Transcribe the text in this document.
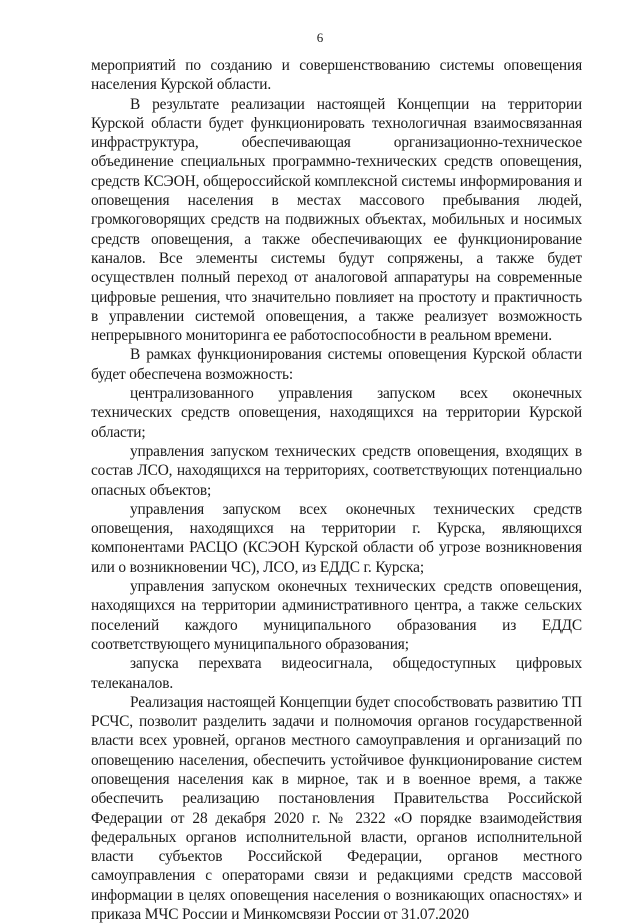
6

мероприятий по созданию и совершенствованию системы оповещения населения Курской области.

В результате реализации настоящей Концепции на территории Курской области будет функционировать технологичная взаимосвязанная инфраструктура, обеспечивающая организационно-техническое объединение специальных программно-технических средств оповещения, средств КСЭОН, общероссийской комплексной системы информирования и оповещения населения в местах массового пребывания людей, громкоговорящих средств на подвижных объектах, мобильных и носимых средств оповещения, а также обеспечивающих ее функционирование каналов. Все элементы системы будут сопряжены, а также будет осуществлен полный переход от аналоговой аппаратуры на современные цифровые решения, что значительно повлияет на простоту и практичность в управлении системой оповещения, а также реализует возможность непрерывного мониторинга ее работоспособности в реальном времени.

В рамках функционирования системы оповещения Курской области будет обеспечена возможность:

централизованного управления запуском всех оконечных технических средств оповещения, находящихся на территории Курской области;

управления запуском технических средств оповещения, входящих в состав ЛСО, находящихся на территориях, соответствующих потенциально опасных объектов;

управления запуском всех оконечных технических средств оповещения, находящихся на территории г. Курска, являющихся компонентами РАСЦО (КСЭОН Курской области об угрозе возникновения или о возникновении ЧС), ЛСО, из ЕДДС г. Курска;

управления запуском оконечных технических средств оповещения, находящихся на территории административного центра, а также сельских поселений каждого муниципального образования из ЕДДС соответствующего муниципального образования;

запуска перехвата видеосигнала, общедоступных цифровых телеканалов.

Реализация настоящей Концепции будет способствовать развитию ТП РСЧС, позволит разделить задачи и полномочия органов государственной власти всех уровней, органов местного самоуправления и организаций по оповещению населения, обеспечить устойчивое функционирование систем оповещения населения как в мирное, так и в военное время, а также обеспечить реализацию постановления Правительства Российской Федерации от 28 декабря 2020 г. № 2322 «О порядке взаимодействия федеральных органов исполнительной власти, органов исполнительной власти субъектов Российской Федерации, органов местного самоуправления с операторами связи и редакциями средств массовой информации в целях оповещения населения о возникающих опасностях» и приказа МЧС России и Минкомсвязи России от 31.07.2020
